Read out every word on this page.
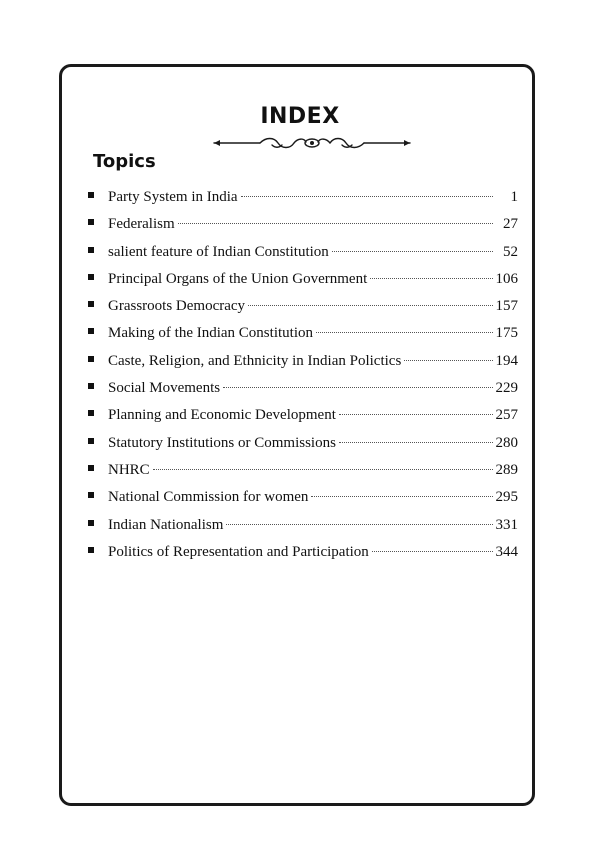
INDEX
Topics
Party System in India	1
Federalism	27
salient feature of Indian Constitution	52
Principal Organs of the Union Government	106
Grassroots Democracy	157
Making of the Indian Constitution	175
Caste, Religion, and Ethnicity in Indian Polictics	194
Social Movements	229
Planning and Economic Development	257
Statutory Institutions or Commissions	280
NHRC	289
National Commission for women	295
Indian Nationalism	331
Politics of Representation and Participation	344
